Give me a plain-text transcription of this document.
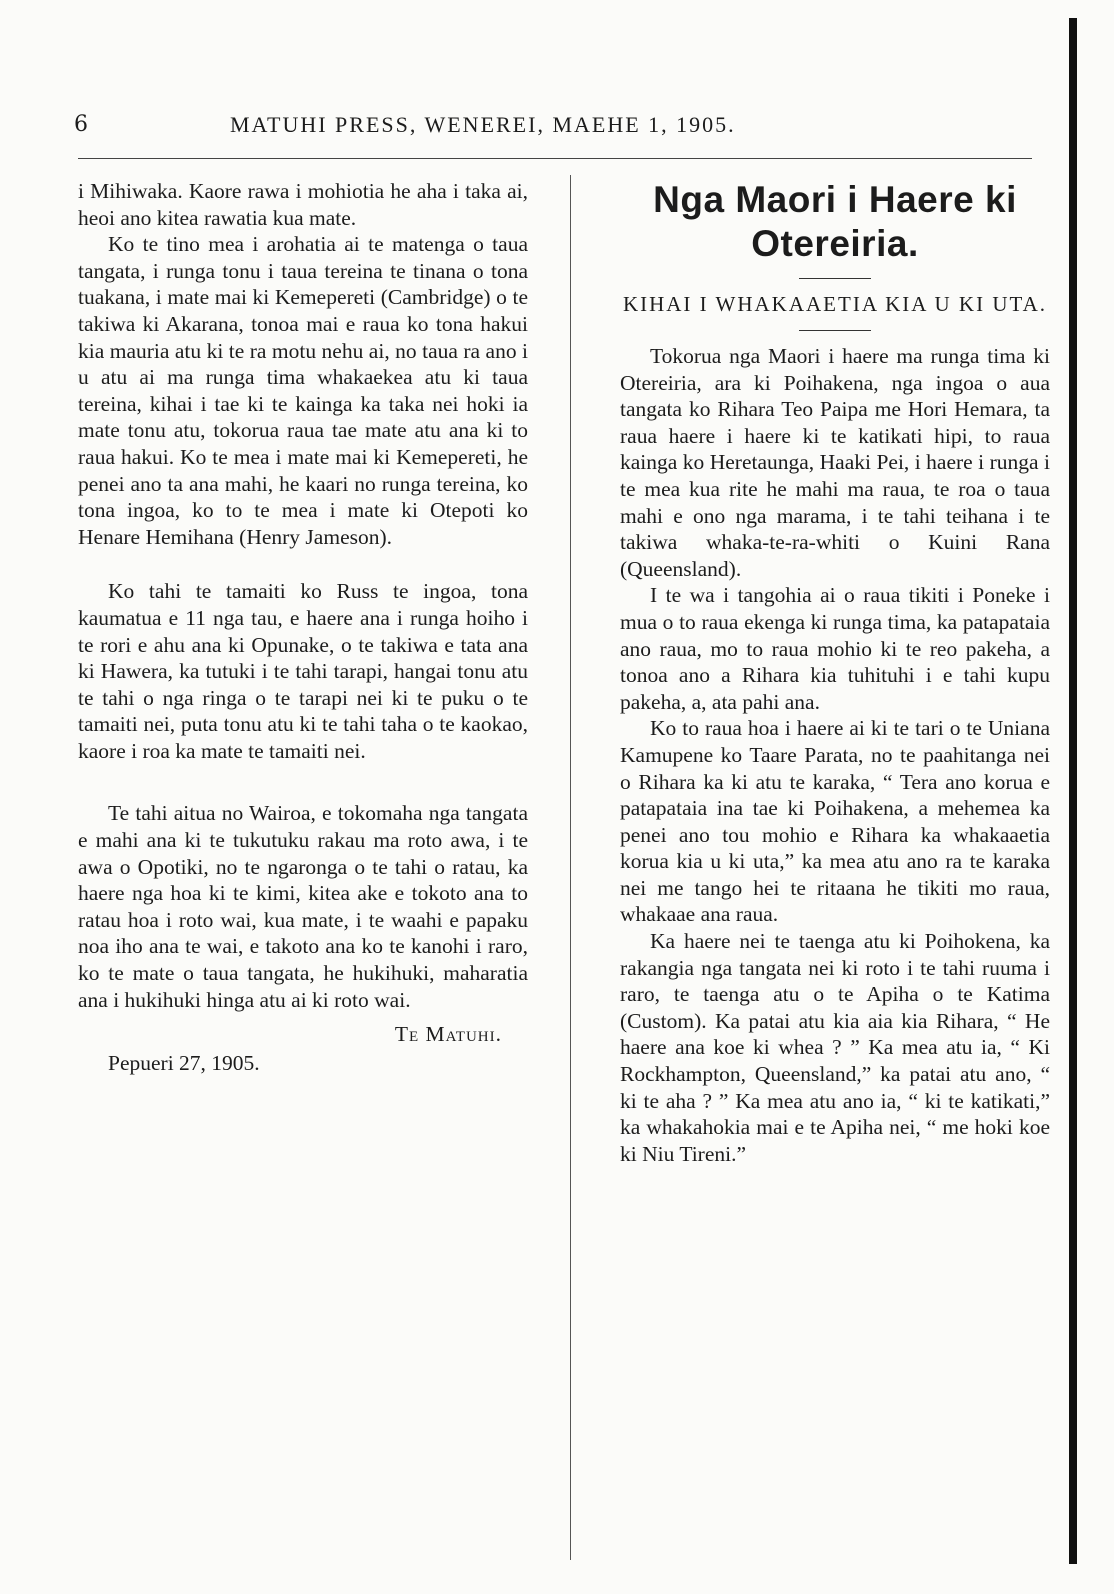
6	MATUHI PRESS, WENEREI, MAEHE 1, 1905.

i Mihiwaka. Kaore rawa i mohiotia he aha i taka ai, heoi ano kitea rawatia kua mate.

Ko te tino mea i arohatia ai te matenga o taua tangata, i runga tonu i taua tereina te tinana o tona tuakana, i mate mai ki Kemepereti (Cambridge) o te takiwa ki Akarana, tonoa mai e raua ko tona hakui kia mauria atu ki te ra motu nehu ai, no taua ra ano i u atu ai ma runga tima whakaekea atu ki taua tereina, kihai i tae ki te kainga ka taka nei hoki ia mate tonu atu, tokorua raua tae mate atu ana ki to raua hakui. Ko te mea i mate mai ki Kemepereti, he penei ano ta ana mahi, he kaari no runga tereina, ko tona ingoa, ko to te mea i mate ki Otepoti ko Henare Hemihana (Henry Jameson).

Ko tahi te tamaiti ko Russ te ingoa, tona kaumatua e 11 nga tau, e haere ana i runga hoiho i te rori e ahu ana ki Opunake, o te takiwa e tata ana ki Hawera, ka tutuki i te tahi tarapi, hangai tonu atu te tahi o nga ringa o te tarapi nei ki te puku o te tamaiti nei, puta tonu atu ki te tahi taha o te kaokao, kaore i roa ka mate te tamaiti nei.

Te tahi aitua no Wairoa, e tokomaha nga tangata e mahi ana ki te tukutuku rakau ma roto awa, i te awa o Opotiki, no te ngaronga o te tahi o ratau, ka haere nga hoa ki te kimi, kitea ake e tokoto ana to ratau hoa i roto wai, kua mate, i te waahi e papaku noa iho ana te wai, e takoto ana ko te kanohi i raro, ko te mate o taua tangata, he hukihuki, maharatia ana i hukihuki hinga atu ai ki roto wai.

Te Matuhi.

Pepueri 27, 1905.

Nga Maori i Haere ki Otereiria.

KIHAI I WHAKAAETIA KIA U KI UTA.

Tokorua nga Maori i haere ma runga tima ki Otereiria, ara ki Poihakena, nga ingoa o aua tangata ko Rihara Teo Paipa me Hori Hemara, ta raua haere i haere ki te katikati hipi, to raua kainga ko Heretaunga, Haaki Pei, i haere i runga i te mea kua rite he mahi ma raua, te roa o taua mahi e ono nga marama, i te tahi teihana i te takiwa whaka-te-ra-whiti o Kuini Rana (Queensland).

I te wa i tangohia ai o raua tikiti i Poneke i mua o to raua ekenga ki runga tima, ka patapataia ano raua, mo to raua mohio ki te reo pakeha, a tonoa ano a Rihara kia tuhituhi i e tahi kupu pakeha, a, ata pahi ana.

Ko to raua hoa i haere ai ki te tari o te Uniana Kamupene ko Taare Parata, no te paahitanga nei o Rihara ka ki atu te karaka, “ Tera ano korua e patapataia ina tae ki Poihakena, a mehemea ka penei ano tou mohio e Rihara ka whakaaetia korua kia u ki uta,” ka mea atu ano ra te karaka nei me tango hei te ritaana he tikiti mo raua, whakaae ana raua.

Ka haere nei te taenga atu ki Poihokena, ka rakangia nga tangata nei ki roto i te tahi ruuma i raro, te taenga atu o te Apiha o te Katima (Custom). Ka patai atu kia aia kia Rihara, “ He haere ana koe ki whea ? ” Ka mea atu ia, “ Ki Rockhampton, Queensland,” ka patai atu ano, “ ki te aha ? ” Ka mea atu ano ia, “ ki te katikati,” ka whakahokia mai e te Apiha nei, “ me hoki koe ki Niu Tireni.”
